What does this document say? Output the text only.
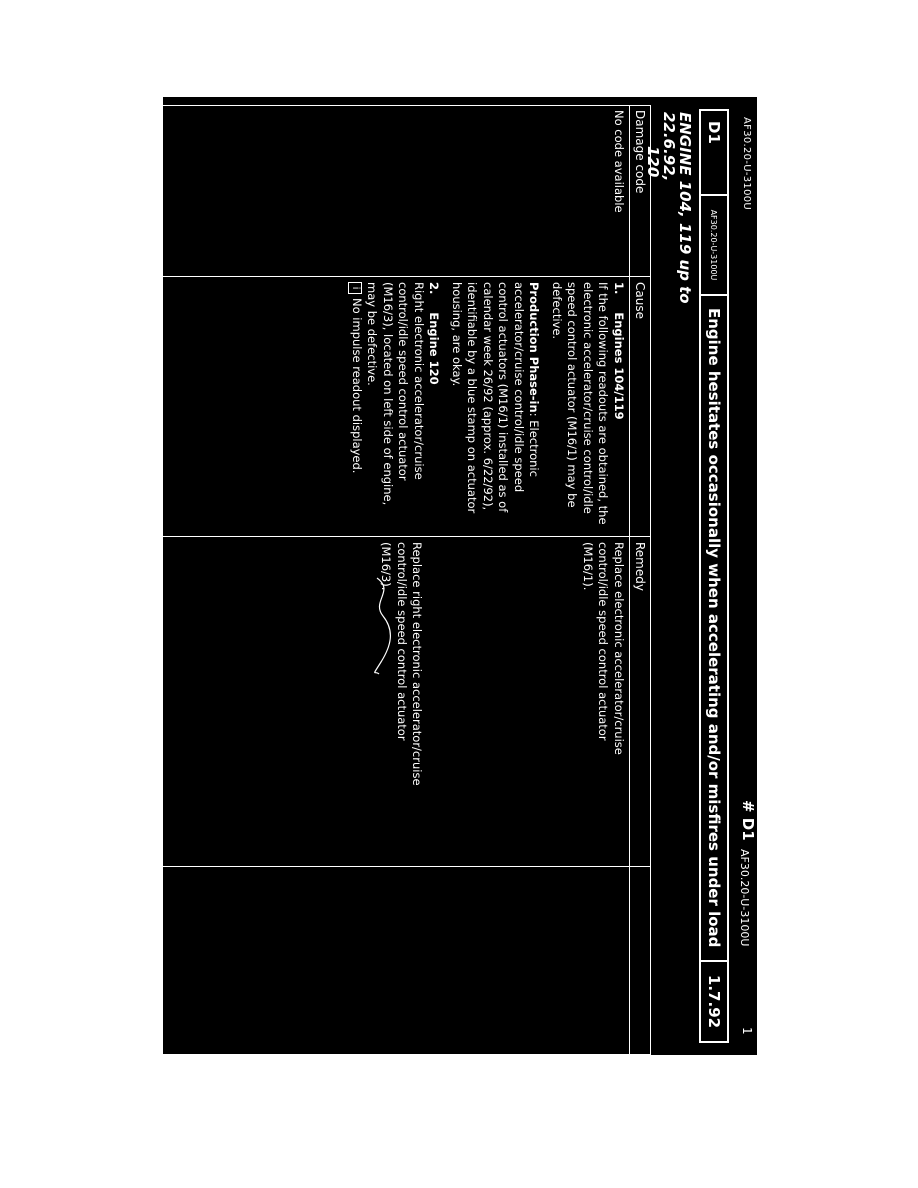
AF30.20-U-3100U
# D1
AF30.20-U-3100U
1
D1
AF30.20-U-3100U
Engine hesitates occasionally when accelerating and/or misfires under load
1.7.92
ENGINE 104, 119 up to 22.6.92,
120
Damage code
Cause
Remedy
No code available
1.Engines 104/119
If the following readouts are obtained, the
electronic accelerator/cruise control/idle
speed control actuator (M16/1) may be
defective.
Production Phase-in: Electronic
accelerator/cruise control/idle speed
control actuators (M16/1) installed as of
calendar week 26/92 (approx. 6/22/92),
identifiable by a blue stamp on actuator
housing, are okay.
2.Engine 120
Right electronic accelerator/cruise
control/idle speed control actuator
(M16/3), located on left side of engine,
may be defective.
iNo impulse readout displayed.
Replace electronic accelerator/cruise
control/idle speed control actuator
(M16/1).
Replace right electronic accelerator/cruise
control/idle speed control actuator
(M16/3).
